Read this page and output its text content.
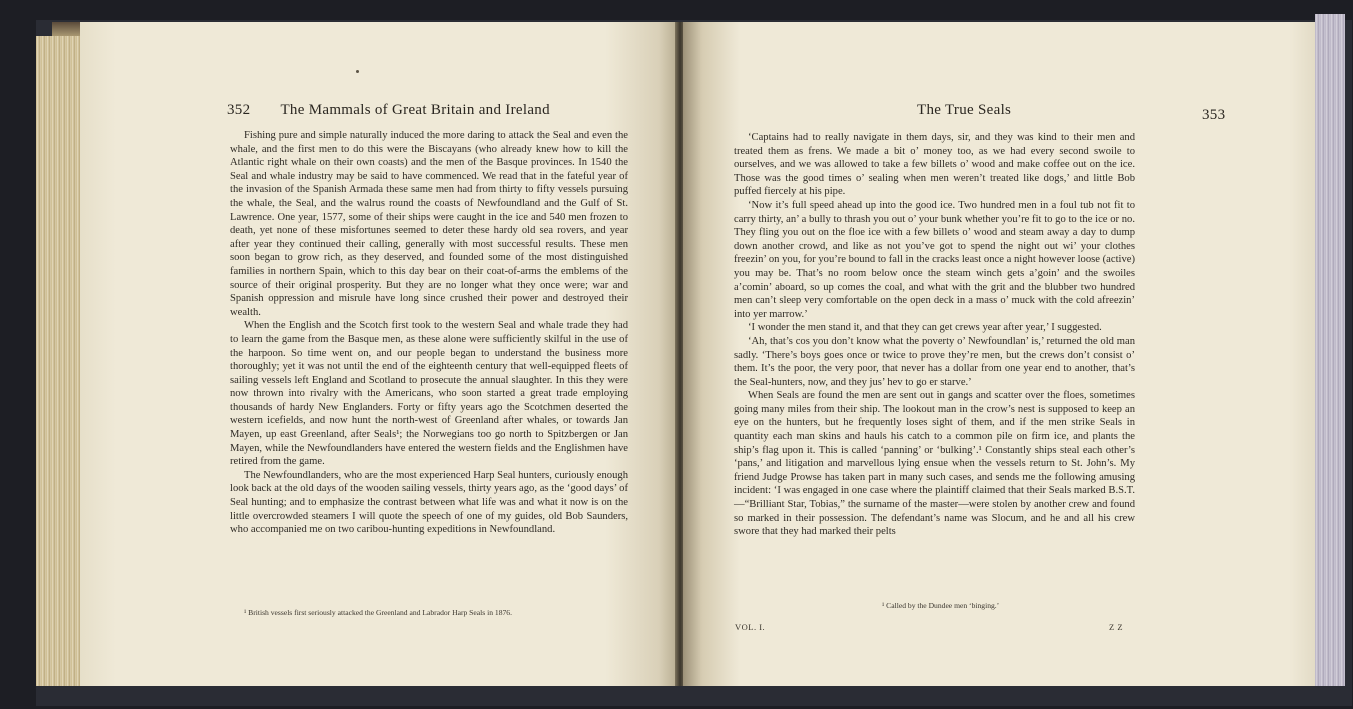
352 The Mammals of Great Britain and Ireland

Fishing pure and simple naturally induced the more daring to attack the Seal and even the whale, and the first men to do this were the Biscayans (who already knew how to kill the Atlantic right whale on their own coasts) and the men of the Basque provinces. In 1540 the Seal and whale industry may be said to have commenced. We read that in the fateful year of the invasion of the Spanish Armada these same men had from thirty to fifty vessels pursuing the whale, the Seal, and the walrus round the coasts of Newfoundland and the Gulf of St. Lawrence. One year, 1577, some of their ships were caught in the ice and 540 men frozen to death, yet none of these misfortunes seemed to deter these hardy old sea rovers, and year after year they continued their calling, generally with most successful results. These men soon began to grow rich, as they deserved, and founded some of the most distinguished families in northern Spain, which to this day bear on their coat-of-arms the emblems of the source of their original prosperity. But they are no longer what they once were; war and Spanish oppression and misrule have long since crushed their power and destroyed their wealth.

When the English and the Scotch first took to the western Seal and whale trade they had to learn the game from the Basque men, as these alone were sufficiently skilful in the use of the harpoon. So time went on, and our people began to understand the business more thoroughly; yet it was not until the end of the eighteenth century that well-equipped fleets of sailing vessels left England and Scotland to prosecute the annual slaughter. In this they were now thrown into rivalry with the Americans, who soon started a great trade employing thousands of hardy New Englanders. Forty or fifty years ago the Scotchmen deserted the western icefields, and now hunt the north-west of Greenland after whales, or towards Jan Mayen, up east Greenland, after Seals¹; the Norwegians too go north to Spitzbergen or Jan Mayen, while the Newfoundlanders have entered the western fields and the Englishmen have retired from the game.

The Newfoundlanders, who are the most experienced Harp Seal hunters, curiously enough look back at the old days of the wooden sailing vessels, thirty years ago, as the ‘good days’ of Seal hunting; and to emphasize the contrast between what life was and what it now is on the little overcrowded steamers I will quote the speech of one of my guides, old Bob Saunders, who accompanied me on two caribou-hunting expeditions in Newfoundland.

¹ British vessels first seriously attacked the Greenland and Labrador Harp Seals in 1876.
The True Seals	353

‘Captains had to really navigate in them days, sir, and they was kind to their men and treated them as frens. We made a bit o’ money too, as we had every second swoile to ourselves, and we was allowed to take a few billets o’ wood and make coffee out on the ice. Those was the good times o’ sealing when men weren’t treated like dogs,’ and little Bob puffed fiercely at his pipe.

‘Now it’s full speed ahead up into the good ice. Two hundred men in a foul tub not fit to carry thirty, an’ a bully to thrash you out o’ your bunk whether you’re fit to go to the ice or no. They fling you out on the floe ice with a few billets o’ wood and steam away a day to dump down another crowd, and like as not you’ve got to spend the night out wi’ your clothes freezin’ on you, for you’re bound to fall in the cracks least once a night however loose (active) you may be. That’s no room below once the steam winch gets a’goin’ and the swoiles a’comin’ aboard, so up comes the coal, and what with the grit and the blubber two hundred men can’t sleep very comfortable on the open deck in a mass o’ muck with the cold afreezin’ into yer marrow.’

‘I wonder the men stand it, and that they can get crews year after year,’ I suggested.

‘Ah, that’s cos you don’t know what the poverty o’ Newfoundlan’ is,’ returned the old man sadly. ‘There’s boys goes once or twice to prove they’re men, but the crews don’t consist o’ them. It’s the poor, the very poor, that never has a dollar from one year end to another, that’s the Seal-hunters, now, and they jus’ hev to go er starve.’

When Seals are found the men are sent out in gangs and scatter over the floes, sometimes going many miles from their ship. The lookout man in the crow’s nest is supposed to keep an eye on the hunters, but he frequently loses sight of them, and if the men strike Seals in quantity each man skins and hauls his catch to a common pile on firm ice, and plants the ship’s flag upon it. This is called ‘panning’ or ‘bulking’.¹ Constantly ships steal each other’s ‘pans,’ and litigation and marvellous lying ensue when the vessels return to St. John’s. My friend Judge Prowse has taken part in many such cases, and sends me the following amusing incident: ‘I was engaged in one case where the plaintiff claimed that their Seals marked B.S.T.—“Brilliant Star, Tobias,” the surname of the master—were stolen by another crew and found so marked in their possession. The defendant’s name was Slocum, and he and all his crew swore that they had marked their pelts

¹ Called by the Dundee men ‘binging.’
VOL. I.	Z Z
